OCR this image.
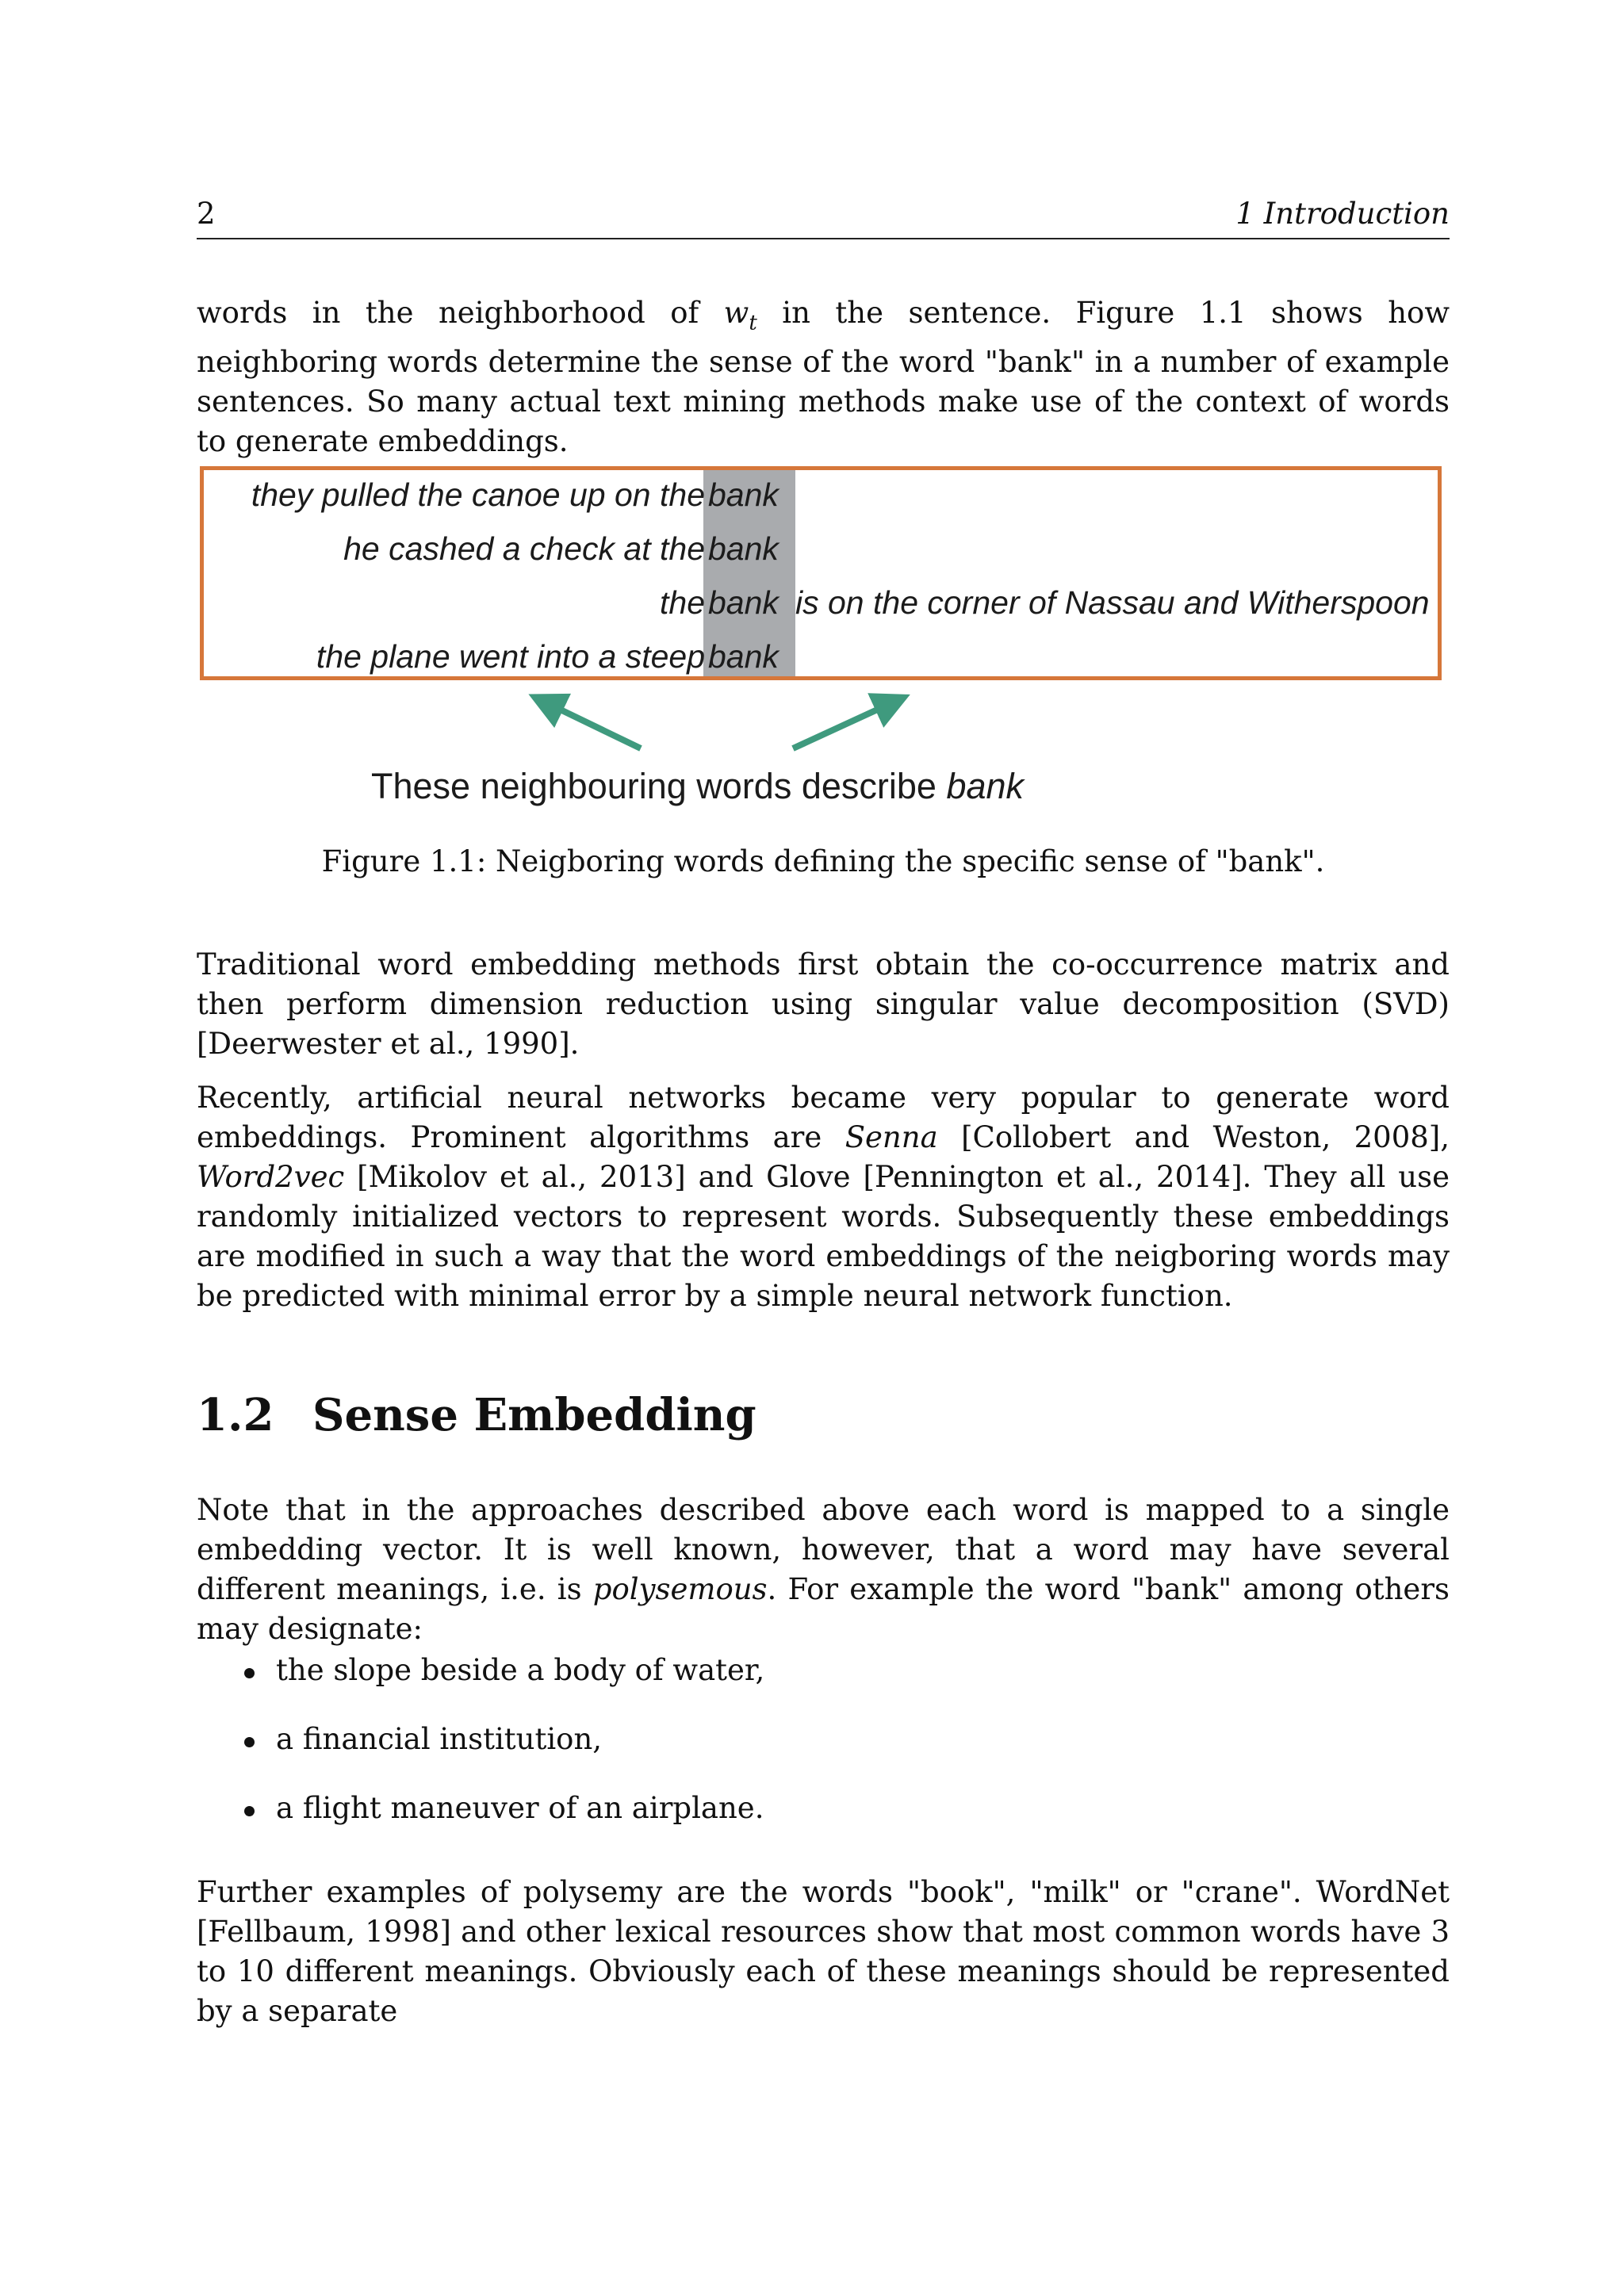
2	1 Introduction

words in the neighborhood of $w_t$ in the sentence. Figure 1.1 shows how neighboring words determine the sense of the word "bank" in a number of example sentences. So many actual text mining methods make use of the context of words to generate embeddings.

they pulled the canoe up on the bank
he cashed a check at the bank
the bank is on the corner of Nassau and Witherspoon
the plane went into a steep bank
These neighbouring words describe bank
Figure 1.1: Neigboring words defining the specific sense of "bank".

Traditional word embedding methods first obtain the co-occurrence matrix and then perform dimension reduction using singular value decomposition (SVD) [Deerwester et al., 1990].

Recently, artificial neural networks became very popular to generate word embeddings. Prominent algorithms are Senna [Collobert and Weston, 2008], Word2vec [Mikolov et al., 2013] and Glove [Pennington et al., 2014]. They all use randomly initialized vectors to represent words. Subsequently these embeddings are modified in such a way that the word embeddings of the neigboring words may be predicted with minimal error by a simple neural network function.

1.2 Sense Embedding

Note that in the approaches described above each word is mapped to a single embedding vector. It is well known, however, that a word may have several different meanings, i.e. is polysemous. For example the word "bank" among others may designate:

the slope beside a body of water,
a financial institution,
a flight maneuver of an airplane.

Further examples of polysemy are the words "book", "milk" or "crane". WordNet [Fellbaum, 1998] and other lexical resources show that most common words have 3 to 10 different meanings. Obviously each of these meanings should be represented by a separate
